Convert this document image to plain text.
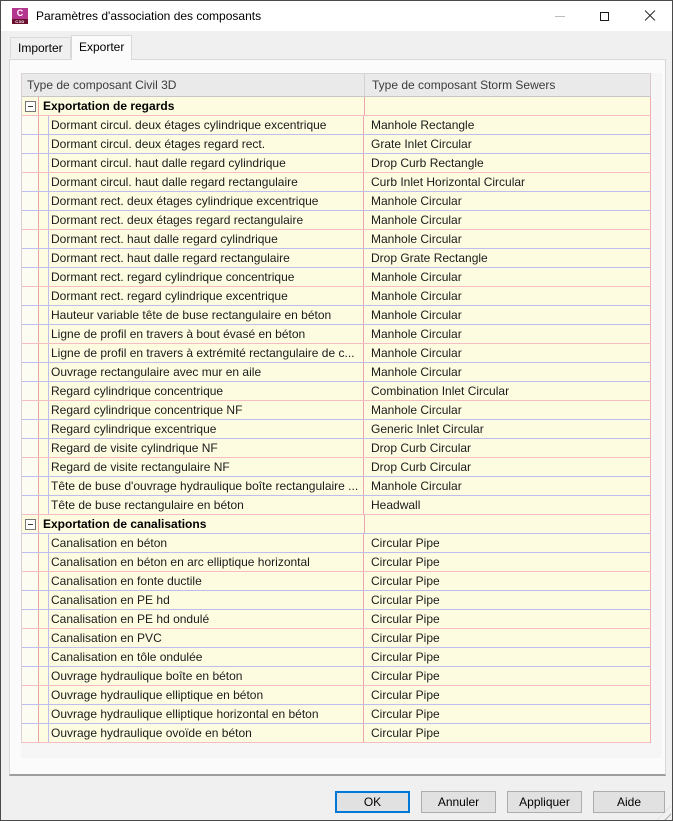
C
C3D Paramètres d'association des composants
Importer	Exporter
Type de composant Civil 3D	Type de composant Storm Sewers
Exportation de regards
Dormant circul. deux étages cylindrique excentrique	Manhole Rectangle
Dormant circul. deux étages regard rect.	Grate Inlet Circular
Dormant circul. haut dalle regard cylindrique	Drop Curb Rectangle
Dormant circul. haut dalle regard rectangulaire	Curb Inlet Horizontal Circular
Dormant rect. deux étages cylindrique excentrique	Manhole Circular
Dormant rect. deux étages regard rectangulaire	Manhole Circular
Dormant rect. haut dalle regard cylindrique	Manhole Circular
Dormant rect. haut dalle regard rectangulaire	Drop Grate Rectangle
Dormant rect. regard cylindrique concentrique	Manhole Circular
Dormant rect. regard cylindrique excentrique	Manhole Circular
Hauteur variable tête de buse rectangulaire en béton	Manhole Circular
Ligne de profil en travers à bout évasé en béton	Manhole Circular
Ligne de profil en travers à extrémité rectangulaire de c...	Manhole Circular
Ouvrage rectangulaire avec mur en aile	Manhole Circular
Regard cylindrique concentrique	Combination Inlet Circular
Regard cylindrique concentrique NF	Manhole Circular
Regard cylindrique excentrique	Generic Inlet Circular
Regard de visite cylindrique NF	Drop Curb Circular
Regard de visite rectangulaire NF	Drop Curb Circular
Tête de buse d'ouvrage hydraulique boîte rectangulaire ...	Manhole Circular
Tête de buse rectangulaire en béton	Headwall
Exportation de canalisations
Canalisation en béton	Circular Pipe
Canalisation en béton en arc elliptique horizontal	Circular Pipe
Canalisation en fonte ductile	Circular Pipe
Canalisation en PE hd	Circular Pipe
Canalisation en PE hd ondulé	Circular Pipe
Canalisation en PVC	Circular Pipe
Canalisation en tôle ondulée	Circular Pipe
Ouvrage hydraulique boîte en béton	Circular Pipe
Ouvrage hydraulique elliptique en béton	Circular Pipe
Ouvrage hydraulique elliptique horizontal en béton	Circular Pipe
Ouvrage hydraulique ovoïde en béton	Circular Pipe
OK	Annuler	Appliquer	Aide
